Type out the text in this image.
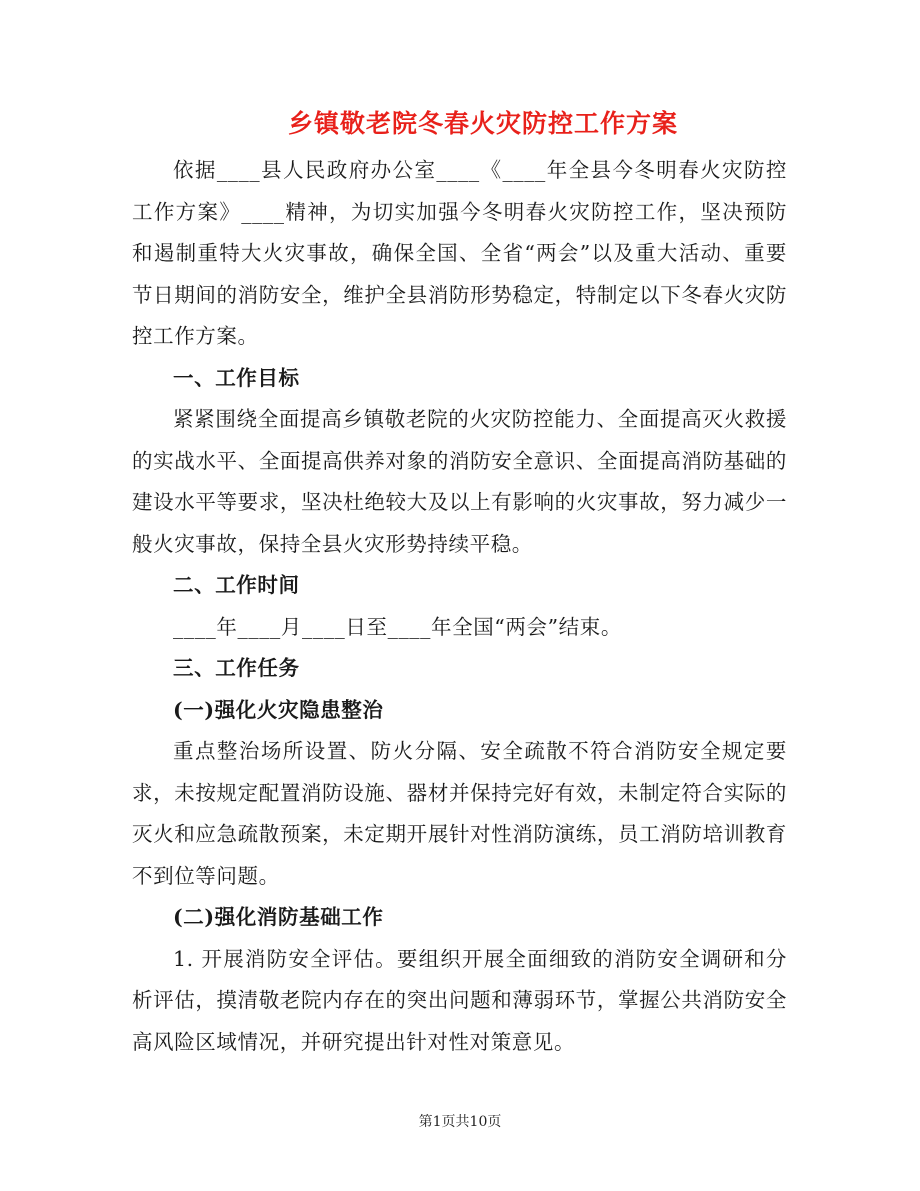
乡镇敬老院冬春火灾防控工作方案

依据____县人民政府办公室____《____年全县今冬明春火灾防控工作方案》____精神，为切实加强今冬明春火灾防控工作，坚决预防和遏制重特大火灾事故，确保全国、全省“两会”以及重大活动、重要节日期间的消防安全，维护全县消防形势稳定，特制定以下冬春火灾防控工作方案。

一、工作目标

紧紧围绕全面提高乡镇敬老院的火灾防控能力、全面提高灭火救援的实战水平、全面提高供养对象的消防安全意识、全面提高消防基础的建设水平等要求，坚决杜绝较大及以上有影响的火灾事故，努力减少一般火灾事故，保持全县火灾形势持续平稳。

二、工作时间

____年____月____日至____年全国“两会”结束。

三、工作任务

(一)强化火灾隐患整治

重点整治场所设置、防火分隔、安全疏散不符合消防安全规定要求，未按规定配置消防设施、器材并保持完好有效，未制定符合实际的灭火和应急疏散预案，未定期开展针对性消防演练，员工消防培训教育不到位等问题。

(二)强化消防基础工作

1. 开展消防安全评估。要组织开展全面细致的消防安全调研和分析评估，摸清敬老院内存在的突出问题和薄弱环节，掌握公共消防安全高风险区域情况，并研究提出针对性对策意见。

第1页共10页
